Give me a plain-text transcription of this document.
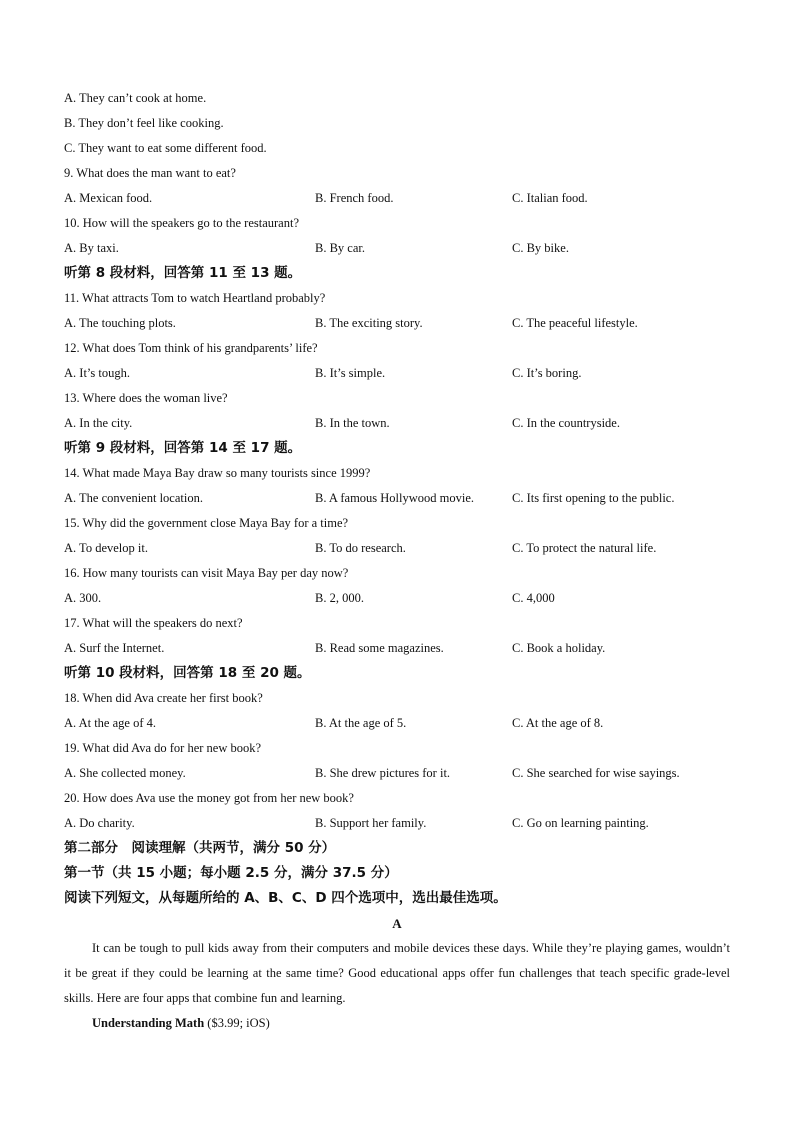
A. They can’t cook at home.
B. They don’t feel like cooking.
C. They want to eat some different food.
9. What does the man want to eat?
A. Mexican food.	B. French food.	C. Italian food.
10. How will the speakers go to the restaurant?
A. By taxi.	B. By car.	C. By bike.
听第 8 段材料，回答第 11 至 13 题。
11. What attracts Tom to watch Heartland probably?
A. The touching plots.	B. The exciting story.	C. The peaceful lifestyle.
12. What does Tom think of his grandparents’ life?
A. It’s tough.	B. It’s simple.	C. It’s boring.
13. Where does the woman live?
A. In the city.	B. In the town.	C. In the countryside.
听第 9 段材料，回答第 14 至 17 题。
14. What made Maya Bay draw so many tourists since 1999?
A. The convenient location.	B. A famous Hollywood movie.	C. Its first opening to the public.
15. Why did the government close Maya Bay for a time?
A. To develop it.	B. To do research.	C. To protect the natural life.
16. How many tourists can visit Maya Bay per day now?
A. 300.	B. 2, 000.	C. 4,000
17. What will the speakers do next?
A. Surf the Internet.	B. Read some magazines.	C. Book a holiday.
听第 10 段材料，回答第 18 至 20 题。
18. When did Ava create her first book?
A. At the age of 4.	B. At the age of 5.	C. At the age of 8.
19. What did Ava do for her new book?
A. She collected money.	B. She drew pictures for it.	C. She searched for wise sayings.
20. How does Ava use the money got from her new book?
A. Do charity.	B. Support her family.	C. Go on learning painting.
第二部分　阅读理解（共两节，满分 50 分）
第一节（共 15 小题；每小题 2.5 分，满分 37.5 分）
阅读下列短文，从每题所给的 A、B、C、D 四个选项中，选出最佳选项。
A
It can be tough to pull kids away from their computers and mobile devices these days. While they’re playing games, wouldn’t it be great if they could be learning at the same time? Good educational apps offer fun challenges that teach specific grade-level skills. Here are four apps that combine fun and learning.
Understanding Math ($3.99; iOS)
